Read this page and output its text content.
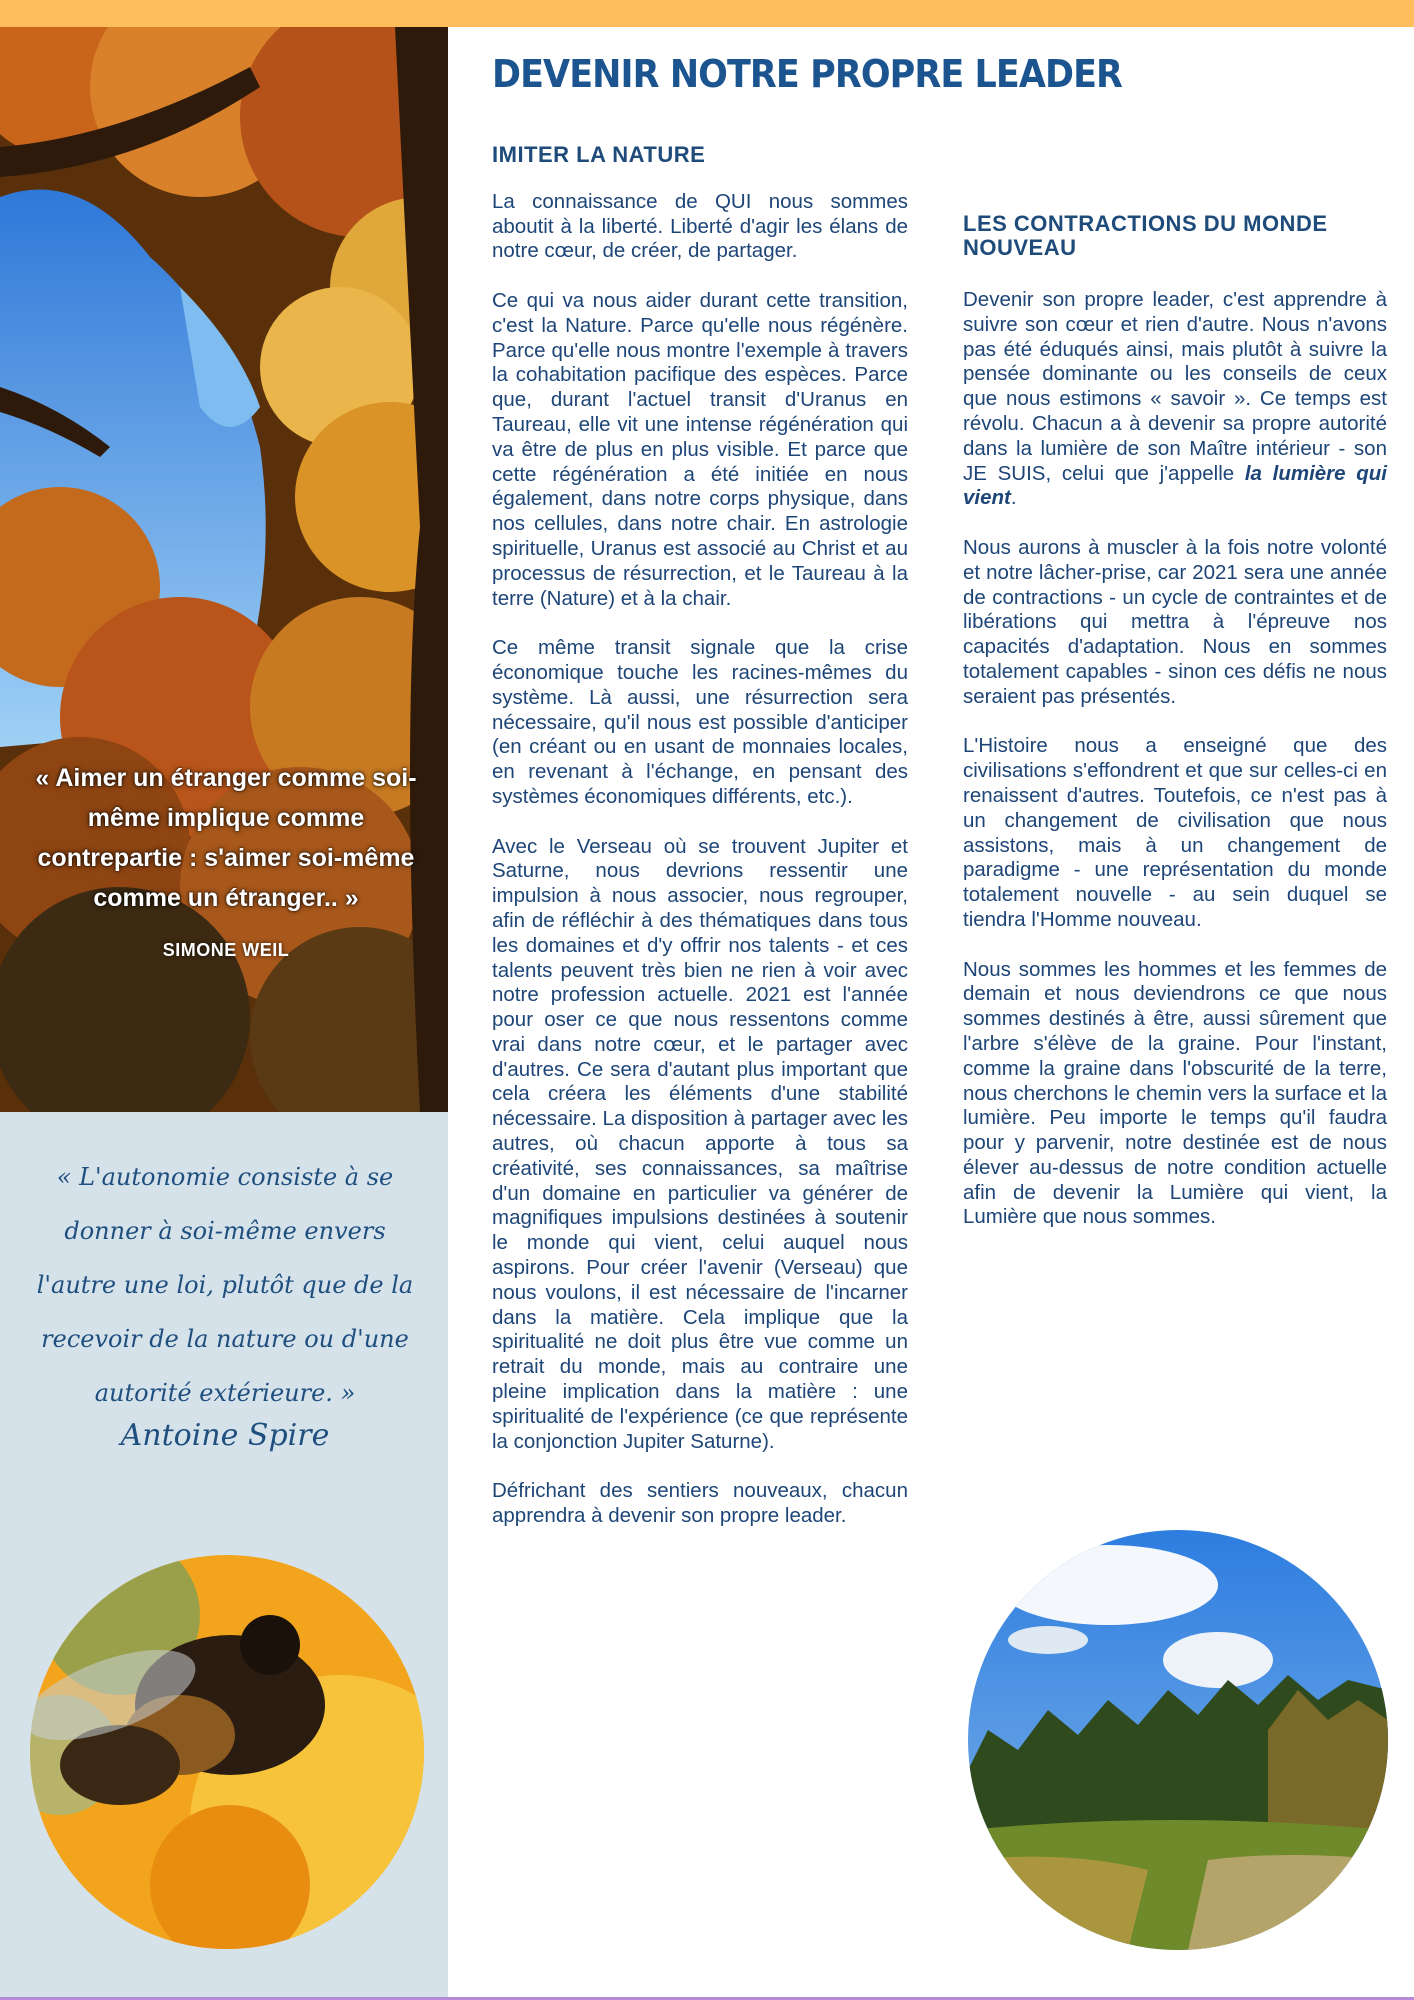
« Aimer un étranger comme soi-même implique comme contrepartie : s'aimer soi-même comme un étranger.. »
SIMONE WEIL
« L'autonomie consiste à se donner à soi-même envers l'autre une loi, plutôt que de la recevoir de la nature ou d'une autorité extérieure. »
Antoine Spire
DEVENIR NOTRE PROPRE LEADER
IMITER LA NATURE

La connaissance de QUI nous sommes aboutit à la liberté. Liberté d'agir les élans de notre cœur, de créer, de partager.

Ce qui va nous aider durant cette transition, c'est la Nature. Parce qu'elle nous régénère. Parce qu'elle nous montre l'exemple à travers la cohabitation pacifique des espèces. Parce que, durant l'actuel transit d'Uranus en Taureau, elle vit une intense régénération qui va être de plus en plus visible. Et parce que cette régénération a été initiée en nous également, dans notre corps physique, dans nos cellules, dans notre chair. En astrologie spirituelle, Uranus est associé au Christ et au processus de résurrection, et le Taureau à la terre (Nature) et à la chair.

Ce même transit signale que la crise économique touche les racines-mêmes du système. Là aussi, une résurrection sera nécessaire, qu'il nous est possible d'anticiper (en créant ou en usant de monnaies locales, en revenant à l'échange, en pensant des systèmes économiques différents, etc.).

Avec le Verseau où se trouvent Jupiter et Saturne, nous devrions ressentir une impulsion à nous associer, nous regrouper, afin de réfléchir à des thématiques dans tous les domaines et d'y offrir nos talents - et ces talents peuvent très bien ne rien à voir avec notre profession actuelle. 2021 est l'année pour oser ce que nous ressentons comme vrai dans notre cœur, et le partager avec d'autres. Ce sera d'autant plus important que cela créera les éléments d'une stabilité nécessaire. La disposition à partager avec les autres, où chacun apporte à tous sa créativité, ses connaissances, sa maîtrise d'un domaine en particulier va générer de magnifiques impulsions destinées à soutenir le monde qui vient, celui auquel nous aspirons. Pour créer l'avenir (Verseau) que nous voulons, il est nécessaire de l'incarner dans la matière. Cela implique que la spiritualité ne doit plus être vue comme un retrait du monde, mais au contraire une pleine implication dans la matière : une spiritualité de l'expérience (ce que représente la conjonction Jupiter Saturne).

Défrichant des sentiers nouveaux, chacun apprendra à devenir son propre leader.

LES CONTRACTIONS DU MONDE NOUVEAU

Devenir son propre leader, c'est apprendre à suivre son cœur et rien d'autre. Nous n'avons pas été éduqués ainsi, mais plutôt à suivre la pensée dominante ou les conseils de ceux que nous estimons « savoir ». Ce temps est révolu. Chacun a à devenir sa propre autorité dans la lumière de son Maître intérieur - son JE SUIS, celui que j'appelle la lumière qui vient.

Nous aurons à muscler à la fois notre volonté et notre lâcher-prise, car 2021 sera une année de contractions - un cycle de contraintes et de libérations qui mettra à l'épreuve nos capacités d'adaptation. Nous en sommes totalement capables - sinon ces défis ne nous seraient pas présentés.

L'Histoire nous a enseigné que des civilisations s'effondrent et que sur celles-ci en renaissent d'autres. Toutefois, ce n'est pas à un changement de civilisation que nous assistons, mais à un changement de paradigme - une représentation du monde totalement nouvelle - au sein duquel se tiendra l'Homme nouveau.

Nous sommes les hommes et les femmes de demain et nous deviendrons ce que nous sommes destinés à être, aussi sûrement que l'arbre s'élève de la graine. Pour l'instant, comme la graine dans l'obscurité de la terre, nous cherchons le chemin vers la surface et la lumière. Peu importe le temps qu'il faudra pour y parvenir, notre destinée est de nous élever au-dessus de notre condition actuelle afin de devenir la Lumière qui vient, la Lumière que nous sommes.
